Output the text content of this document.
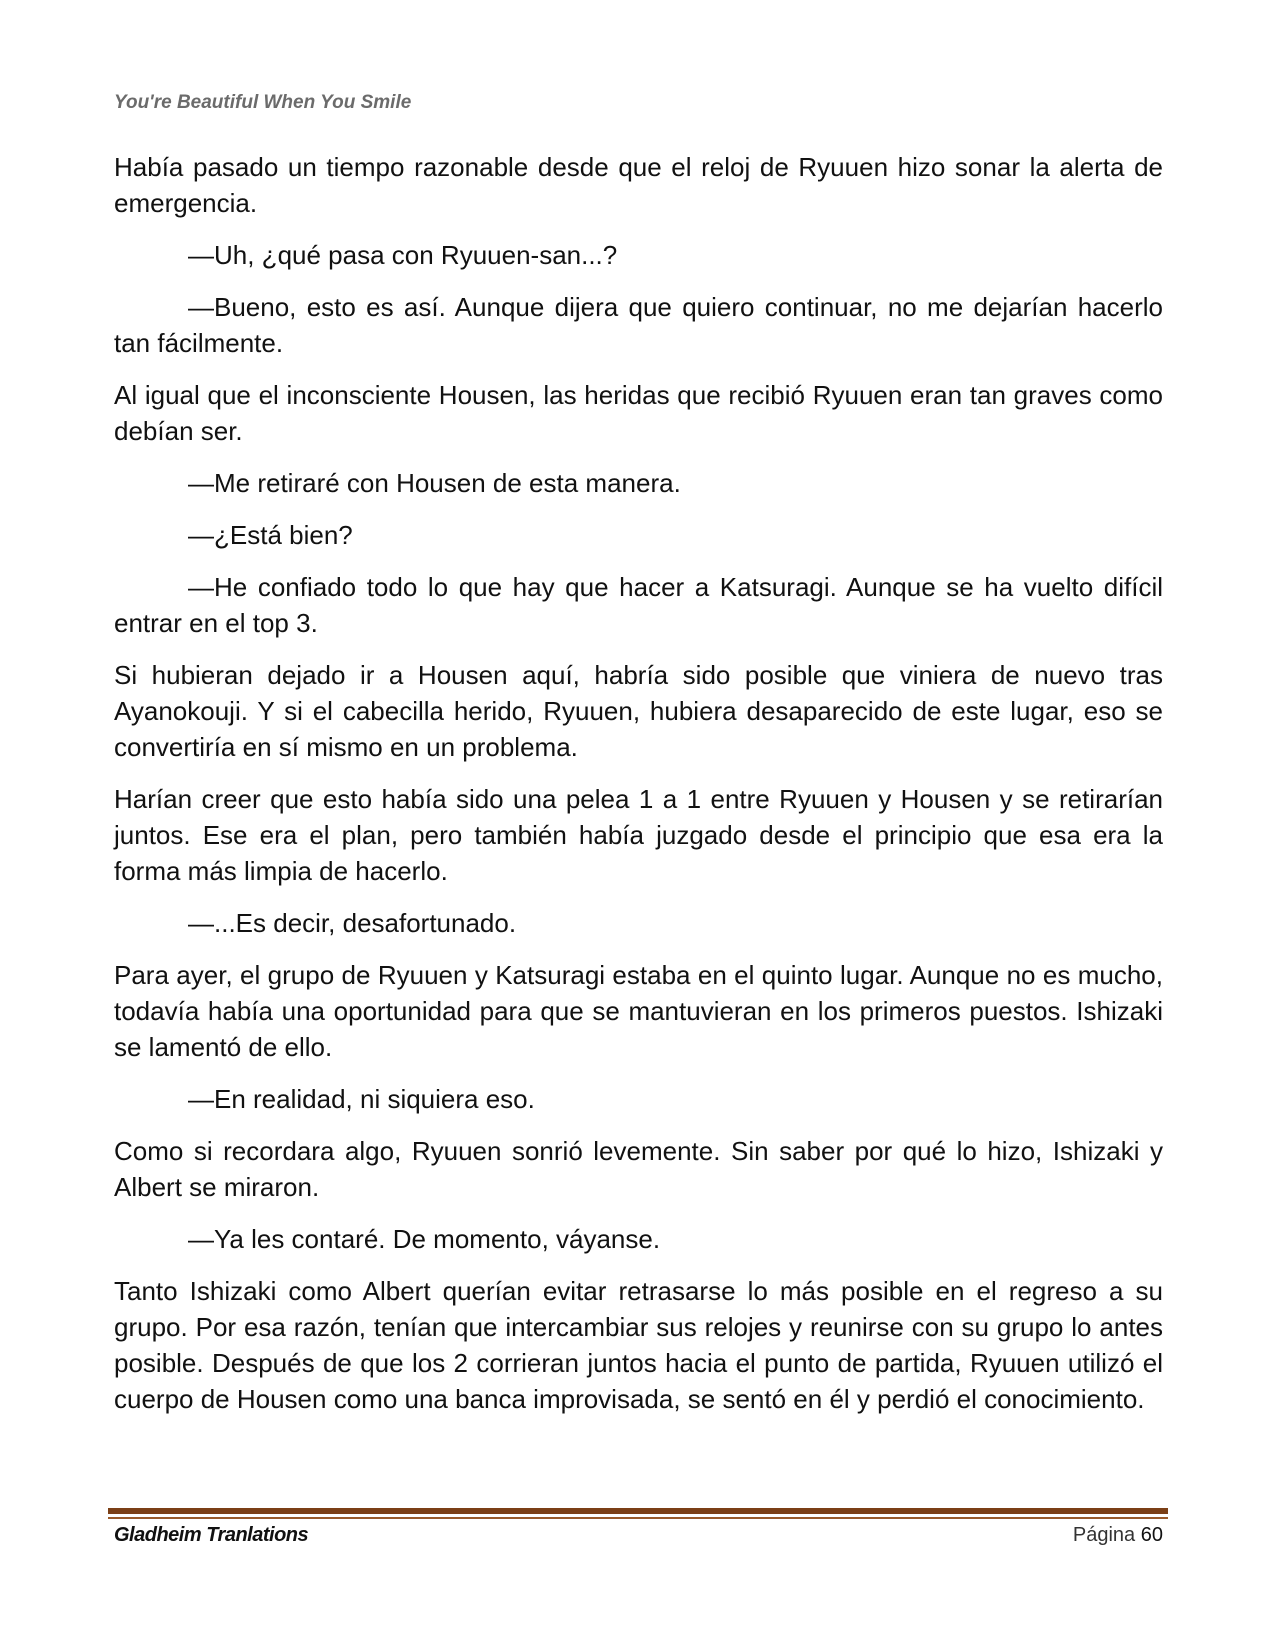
You're Beautiful When You Smile

Había pasado un tiempo razonable desde que el reloj de Ryuuen hizo sonar la alerta de emergencia.

—Uh, ¿qué pasa con Ryuuen-san...?

—Bueno, esto es así. Aunque dijera que quiero continuar, no me dejarían hacerlo tan fácilmente.

Al igual que el inconsciente Housen, las heridas que recibió Ryuuen eran tan graves como debían ser.

—Me retiraré con Housen de esta manera.

—¿Está bien?

—He confiado todo lo que hay que hacer a Katsuragi. Aunque se ha vuelto difícil entrar en el top 3.

Si hubieran dejado ir a Housen aquí, habría sido posible que viniera de nuevo tras Ayanokouji. Y si el cabecilla herido, Ryuuen, hubiera desaparecido de este lugar, eso se convertiría en sí mismo en un problema.

Harían creer que esto había sido una pelea 1 a 1 entre Ryuuen y Housen y se retirarían juntos. Ese era el plan, pero también había juzgado desde el principio que esa era la forma más limpia de hacerlo.

—...Es decir, desafortunado.

Para ayer, el grupo de Ryuuen y Katsuragi estaba en el quinto lugar. Aunque no es mucho, todavía había una oportunidad para que se mantuvieran en los primeros puestos. Ishizaki se lamentó de ello.

—En realidad, ni siquiera eso.

Como si recordara algo, Ryuuen sonrió levemente. Sin saber por qué lo hizo, Ishizaki y Albert se miraron.

—Ya les contaré. De momento, váyanse.

Tanto Ishizaki como Albert querían evitar retrasarse lo más posible en el regreso a su grupo. Por esa razón, tenían que intercambiar sus relojes y reunirse con su grupo lo antes posible. Después de que los 2 corrieran juntos hacia el punto de partida, Ryuuen utilizó el cuerpo de Housen como una banca improvisada, se sentó en él y perdió el conocimiento.

Gladheim Tranlations	Página 60
